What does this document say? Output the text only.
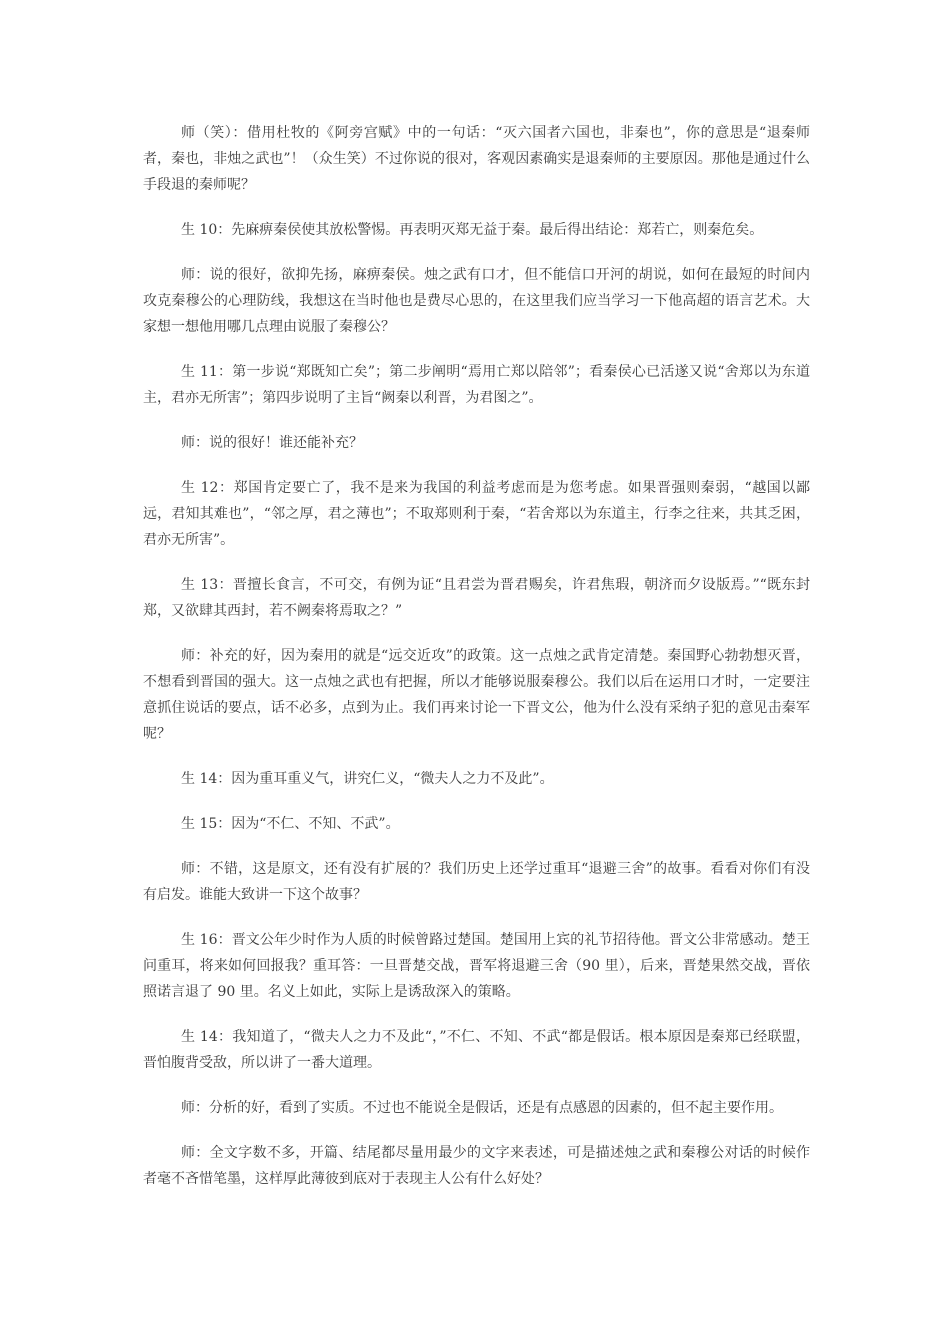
师（笑）：借用杜牧的《阿旁宫赋》中的一句话：“灭六国者六国也，非秦也”，你的意思是“退秦师者，秦也，非烛之武也”！（众生笑）不过你说的很对，客观因素确实是退秦师的主要原因。那他是通过什么手段退的秦师呢？

生 10：先麻痹秦侯使其放松警惕。再表明灭郑无益于秦。最后得出结论：郑若亡，则秦危矣。

师：说的很好，欲抑先扬，麻痹秦侯。烛之武有口才，但不能信口开河的胡说，如何在最短的时间内攻克秦穆公的心理防线，我想这在当时他也是费尽心思的，在这里我们应当学习一下他高超的语言艺术。大家想一想他用哪几点理由说服了秦穆公？

生 11：第一步说“郑既知亡矣”；第二步阐明“焉用亡郑以陪邻”；看秦侯心已活遂又说“舍郑以为东道主，君亦无所害”；第四步说明了主旨“阙秦以利晋，为君图之”。

师：说的很好！谁还能补充？

生 12：郑国肯定要亡了，我不是来为我国的利益考虑而是为您考虑。如果晋强则秦弱，“越国以鄙远，君知其难也”，“邻之厚，君之薄也”；不取郑则利于秦，“若舍郑以为东道主，行李之往来，共其乏困，君亦无所害”。

生 13：晋擅长食言，不可交，有例为证“且君尝为晋君赐矣，许君焦瑕，朝济而夕设版焉。”“既东封郑，又欲肆其西封，若不阙秦将焉取之？”

师：补充的好，因为秦用的就是“远交近攻”的政策。这一点烛之武肯定清楚。秦国野心勃勃想灭晋，不想看到晋国的强大。这一点烛之武也有把握，所以才能够说服秦穆公。我们以后在运用口才时，一定要注意抓住说话的要点，话不必多，点到为止。我们再来讨论一下晋文公，他为什么没有采纳子犯的意见击秦军呢？

生 14：因为重耳重义气，讲究仁义，“微夫人之力不及此”。

生 15：因为“不仁、不知、不武”。

师：不错，这是原文，还有没有扩展的？我们历史上还学过重耳“退避三舍”的故事。看看对你们有没有启发。谁能大致讲一下这个故事？

生 16：晋文公年少时作为人质的时候曾路过楚国。楚国用上宾的礼节招待他。晋文公非常感动。楚王问重耳，将来如何回报我？重耳答：一旦晋楚交战，晋军将退避三舍（90 里），后来，晋楚果然交战，晋依照诺言退了 90 里。名义上如此，实际上是诱敌深入的策略。

生 14：我知道了，“微夫人之力不及此“，”不仁、不知、不武“都是假话。根本原因是秦郑已经联盟，晋怕腹背受敌，所以讲了一番大道理。

师：分析的好，看到了实质。不过也不能说全是假话，还是有点感恩的因素的，但不起主要作用。

师：全文字数不多，开篇、结尾都尽量用最少的文字来表述，可是描述烛之武和秦穆公对话的时候作者毫不吝惜笔墨，这样厚此薄彼到底对于表现主人公有什么好处？
